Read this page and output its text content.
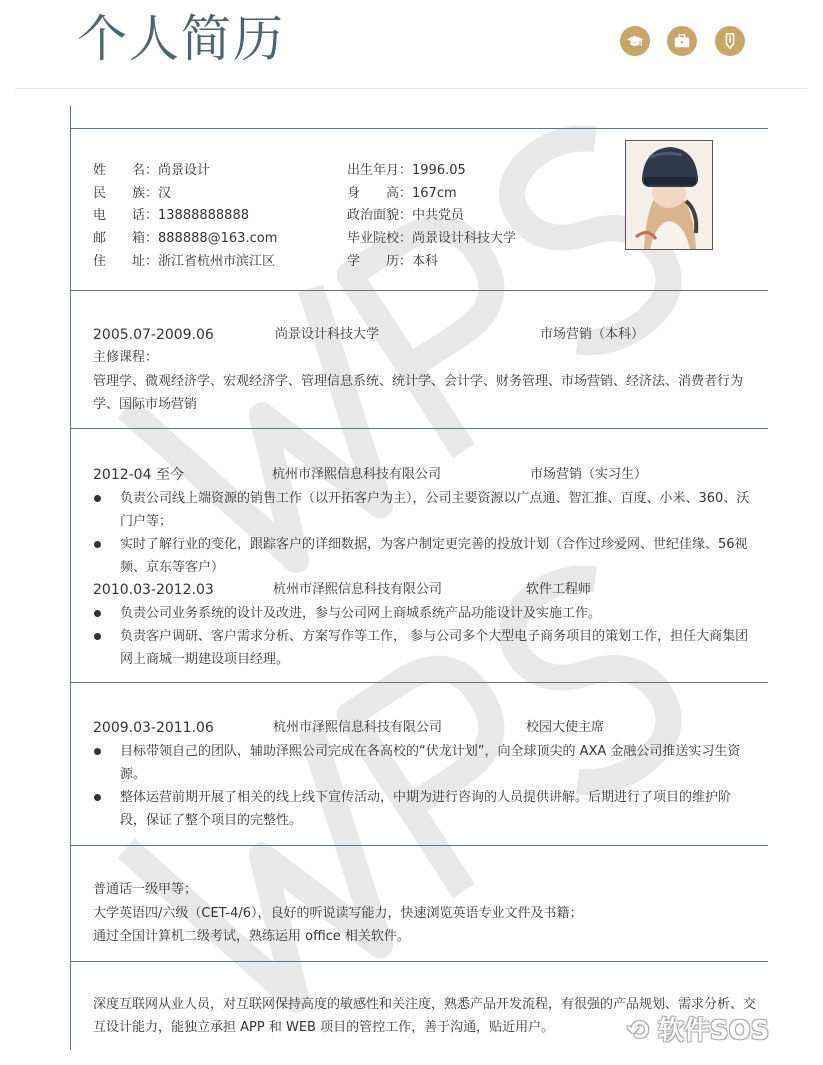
个人简历
姓　　名：尚景设计
民　　族：汉
电　　话：13888888888
邮　　箱：888888@163.com
住　　址：浙江省杭州市滨江区
出生年月：1996.05
身　　高：167cm
政治面貌：中共党员
毕业院校：尚景设计科技大学
学　　历：本科
2005.07-2009.06	尚景设计科技大学	市场营销（本科）
主修课程：
管理学、微观经济学、宏观经济学、管理信息系统、统计学、会计学、财务管理、市场营销、经济法、消费者行为学、国际市场营销
2012-04 至今	杭州市泽熙信息科技有限公司	市场营销（实习生）
负责公司线上端资源的销售工作（以开拓客户为主），公司主要资源以广点通、智汇推、百度、小米、360、沃门户等；
实时了解行业的变化，跟踪客户的详细数据，为客户制定更完善的投放计划（合作过珍爱网、世纪佳缘、56视频、京东等客户）
2010.03-2012.03	杭州市泽熙信息科技有限公司	软件工程师
负责公司业务系统的设计及改进，参与公司网上商城系统产品功能设计及实施工作。
负责客户调研、客户需求分析、方案写作等工作， 参与公司多个大型电子商务项目的策划工作，担任大商集团网上商城一期建设项目经理。
2009.03-2011.06	杭州市泽熙信息科技有限公司	校园大使主席
目标带领自己的团队，辅助泽熙公司完成在各高校的“伏龙计划”，向全球顶尖的 AXA 金融公司推送实习生资源。
整体运营前期开展了相关的线上线下宣传活动，中期为进行咨询的人员提供讲解。后期进行了项目的维护阶段，保证了整个项目的完整性。
普通话一级甲等；
大学英语四/六级（CET-4/6），良好的听说读写能力，快速浏览英语专业文件及书籍；
通过全国计算机二级考试，熟练运用 office 相关软件。
深度互联网从业人员，对互联网保持高度的敏感性和关注度，熟悉产品开发流程，有很强的产品规划、需求分析、交互设计能力，能独立承担 APP 和 WEB 项目的管控工作，善于沟通，贴近用户。	⟲ 软件SOS
